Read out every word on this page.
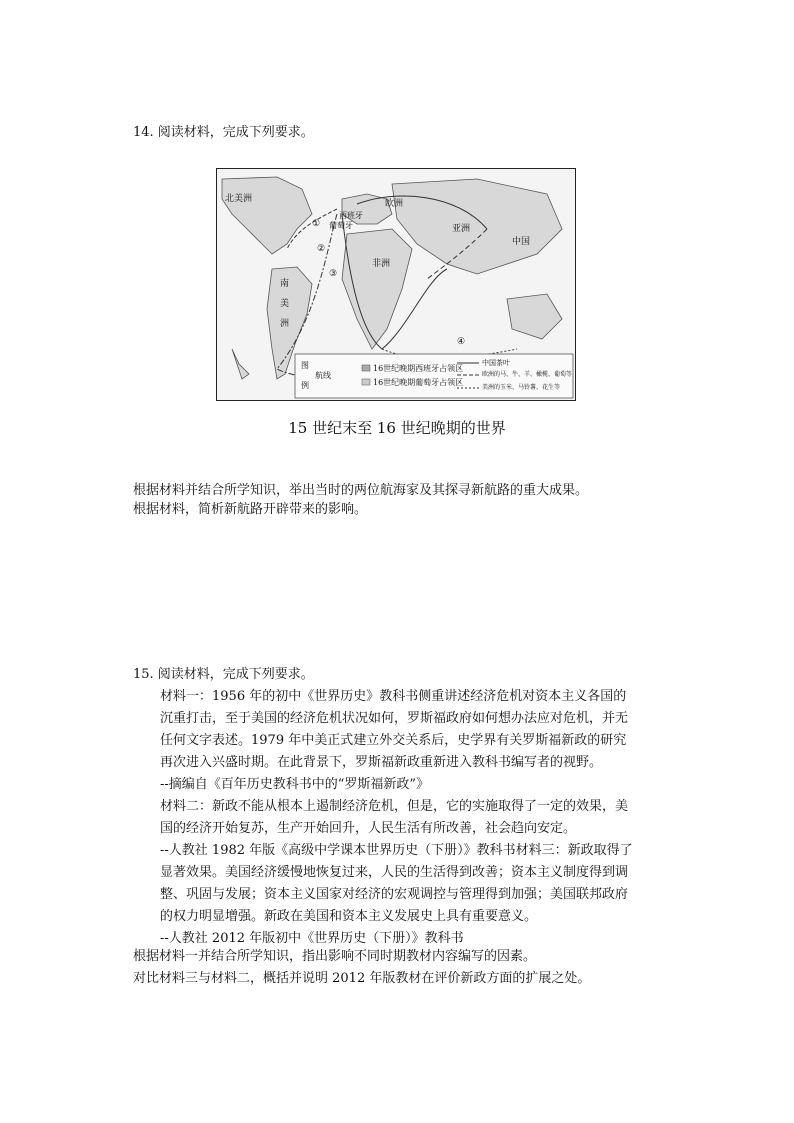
14. 阅读材料，完成下列要求。
北美洲	欧洲
西班牙
葡萄牙	亚洲
中国
非洲
南
美
洲
①
②
③
④
图
例
航线
16世纪晚期西班牙占领区
16世纪晚期葡萄牙占领区
中国茶叶
欧洲的马、牛、羊、橄榄、葡萄等
美洲的玉米、马铃薯、花生等
15 世纪末至 16 世纪晚期的世界
根据材料并结合所学知识，举出当时的两位航海家及其探寻新航路的重大成果。
根据材料，简析新航路开辟带来的影响。
15. 阅读材料，完成下列要求。
材料一：1956 年的初中《世界历史》教科书侧重讲述经济危机对资本主义各国的
沉重打击，至于美国的经济危机状况如何，罗斯福政府如何想办法应对危机，并无
任何文字表述。1979 年中美正式建立外交关系后，史学界有关罗斯福新政的研究
再次进入兴盛时期。在此背景下，罗斯福新政重新进入教科书编写者的视野。
--摘编自《百年历史教科书中的“罗斯福新政”》
材料二：新政不能从根本上遏制经济危机，但是，它的实施取得了一定的效果，美
国的经济开始复苏，生产开始回升，人民生活有所改善，社会趋向安定。
--人教社 1982 年版《高级中学课本世界历史（下册）》教科书材料三：新政取得了
显著效果。美国经济缓慢地恢复过来，人民的生活得到改善；资本主义制度得到调
整、巩固与发展；资本主义国家对经济的宏观调控与管理得到加强；美国联邦政府
的权力明显增强。新政在美国和资本主义发展史上具有重要意义。
--人教社 2012 年版初中《世界历史（下册）》教科书
根据材料一并结合所学知识，指出影响不同时期教材内容编写的因素。
对比材料三与材料二，概括并说明 2012 年版教材在评价新政方面的扩展之处。
